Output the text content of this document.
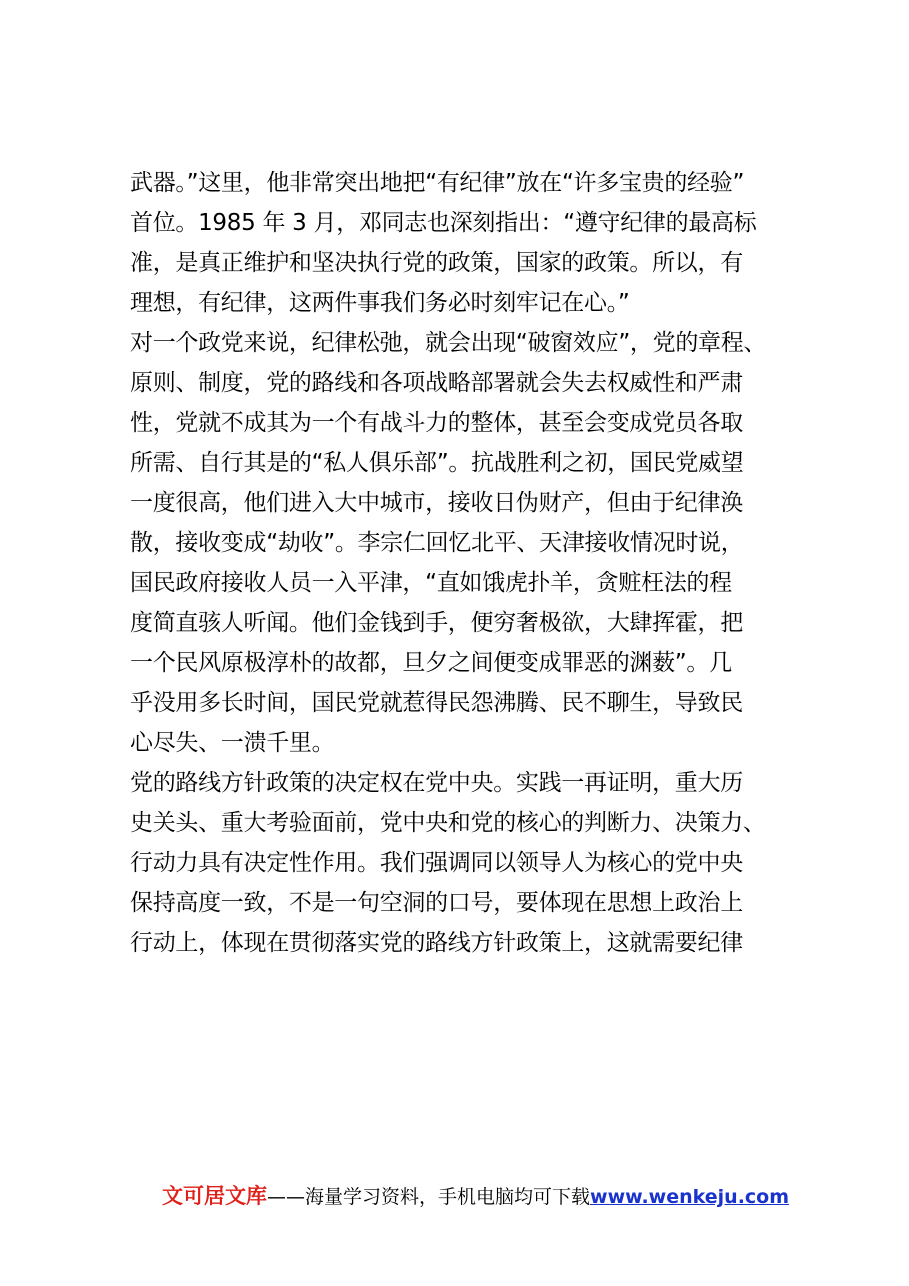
武器。”这里，他非常突出地把“有纪律”放在“许多宝贵的经验”
首位。1985 年 3 月，邓同志也深刻指出：“遵守纪律的最高标
准，是真正维护和坚决执行党的政策，国家的政策。所以，有
理想，有纪律，这两件事我们务必时刻牢记在心。”
对一个政党来说，纪律松弛，就会出现“破窗效应”，党的章程、
原则、制度，党的路线和各项战略部署就会失去权威性和严肃
性，党就不成其为一个有战斗力的整体，甚至会变成党员各取
所需、自行其是的“私人俱乐部”。抗战胜利之初，国民党威望
一度很高，他们进入大中城市，接收日伪财产，但由于纪律涣
散，接收变成“劫收”。李宗仁回忆北平、天津接收情况时说，
国民政府接收人员一入平津，“直如饿虎扑羊，贪赃枉法的程
度简直骇人听闻。他们金钱到手，便穷奢极欲，大肆挥霍，把
一个民风原极淳朴的故都，旦夕之间便变成罪恶的渊薮”。几
乎没用多长时间，国民党就惹得民怨沸腾、民不聊生，导致民
心尽失、一溃千里。
党的路线方针政策的决定权在党中央。实践一再证明，重大历
史关头、重大考验面前，党中央和党的核心的判断力、决策力、
行动力具有决定性作用。我们强调同以领导人为核心的党中央
保持高度一致，不是一句空洞的口号，要体现在思想上政治上
行动上，体现在贯彻落实党的路线方针政策上，这就需要纪律
文可居文库——海量学习资料，手机电脑均可下载www.wenkeju.com
